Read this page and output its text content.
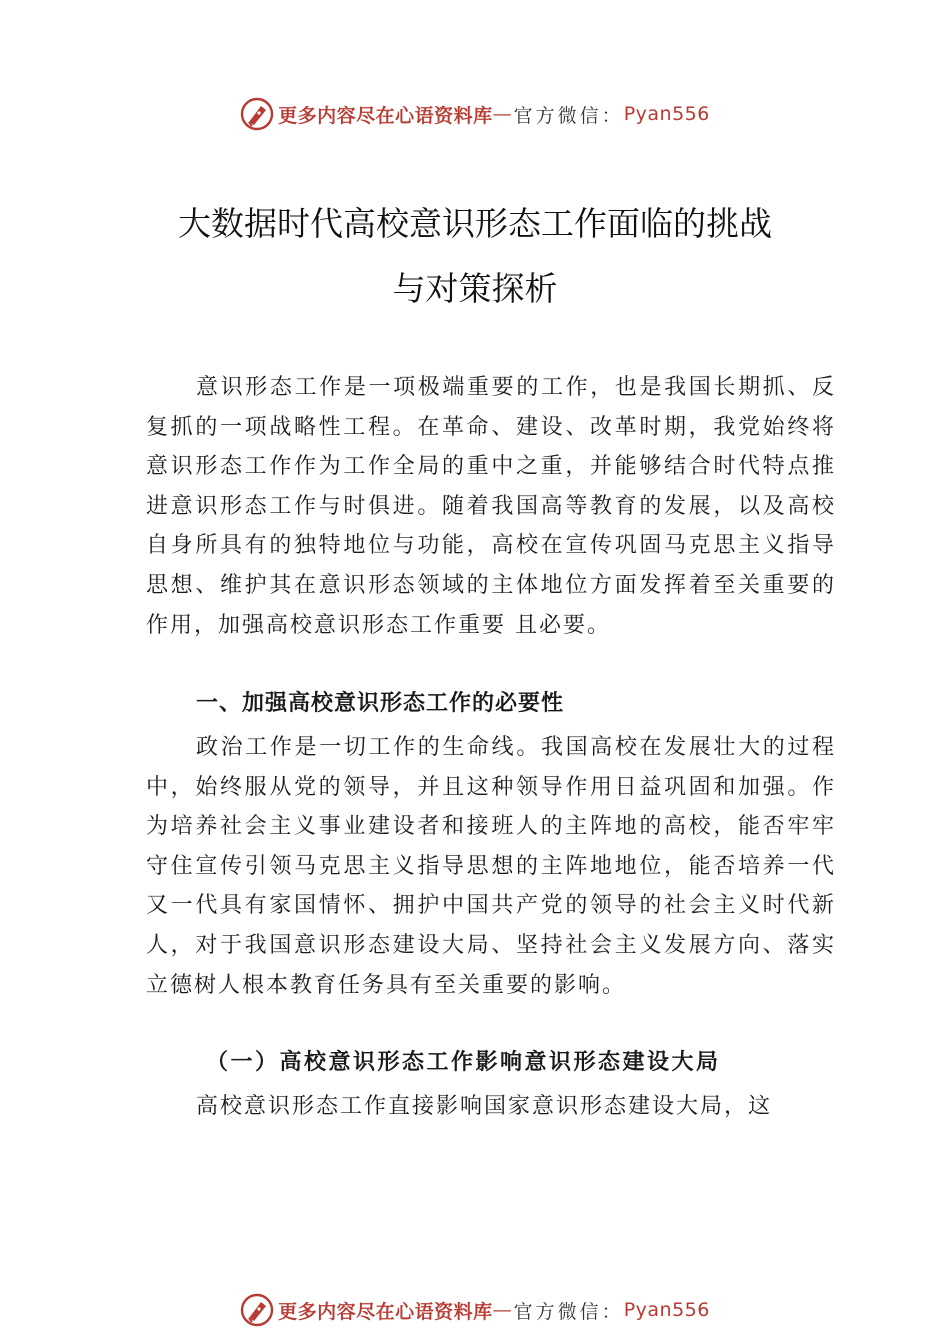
更多内容尽在心语资料库 — 官方微信： Pyan556
大数据时代高校意识形态工作面临的挑战
与对策探析

意识形态工作是一项极端重要的工作，也是我国长期抓、反复抓的一项战略性工程。在革命、建设、改革时期，我党始终将意识形态工作作为工作全局的重中之重，并能够结合时代特点推进意识形态工作与时俱进。随着我国高等教育的发展，以及高校自身所具有的独特地位与功能，高校在宣传巩固马克思主义指导思想、维护其在意识形态领域的主体地位方面发挥着至关重要的作用，加强高校意识形态工作重要 且必要。

一、加强高校意识形态工作的必要性

政治工作是一切工作的生命线。我国高校在发展壮大的过程中，始终服从党的领导，并且这种领导作用日益巩固和加强。作为培养社会主义事业建设者和接班人的主阵地的高校，能否牢牢守住宣传引领马克思主义指导思想的主阵地地位，能否培养一代又一代具有家国情怀、拥护中国共产党的领导的社会主义时代新人，对于我国意识形态建设大局、坚持社会主义发展方向、落实立德树人根本教育任务具有至关重要的影响。

（一）高校意识形态工作影响意识形态建设大局

高校意识形态工作直接影响国家意识形态建设大局，这

更多内容尽在心语资料库 — 官方微信： Pyan556
